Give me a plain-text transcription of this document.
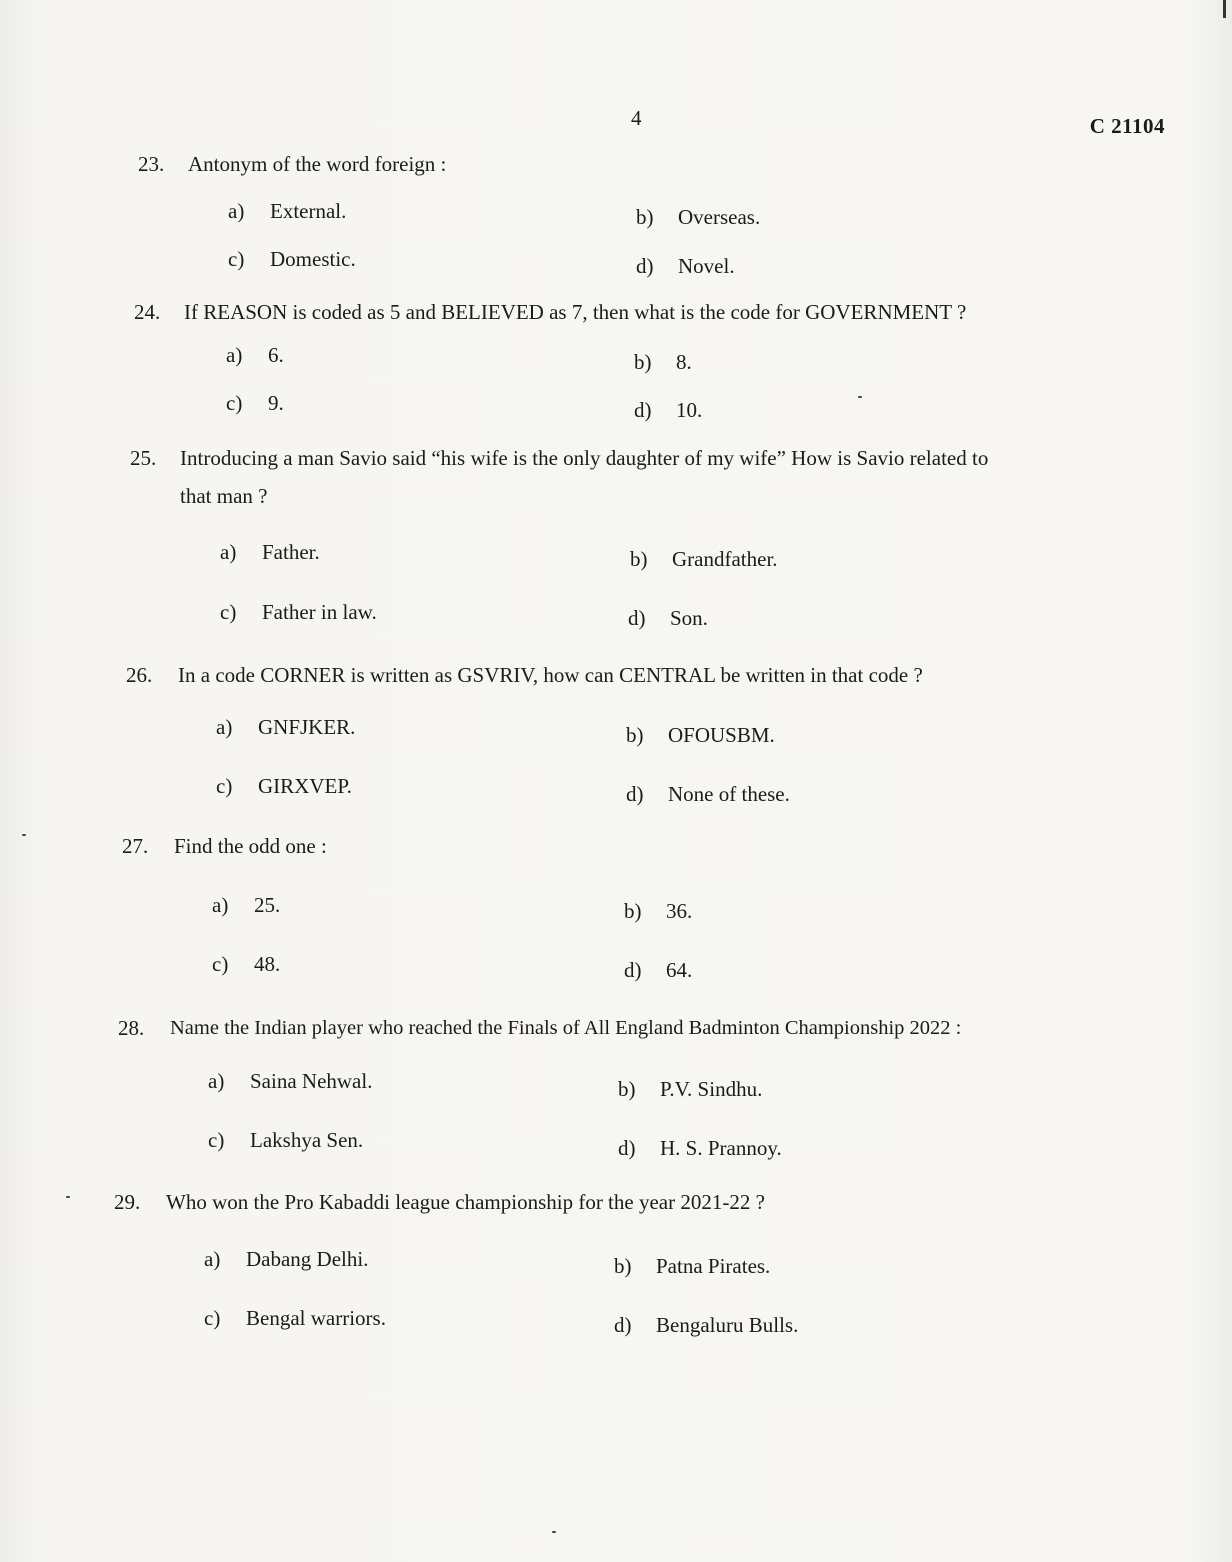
4	C 21104
23.	Antonym of the word foreign :
a) External.	b) Overseas.
c) Domestic.	d) Novel.
24.	If REASON is coded as 5 and BELIEVED as 7, then what is the code for GOVERNMENT ?
a) 6.	b) 8.
c) 9.	d) 10.
25.	Introducing a man Savio said “his wife is the only daughter of my wife” How is Savio related to
that man ?
a) Father.	b) Grandfather.
c) Father in law.	d) Son.
26.	In a code CORNER is written as GSVRIV, how can CENTRAL be written in that code ?
a) GNFJKER.	b) OFOUSBM.
c) GIRXVEP.	d) None of these.
27.	Find the odd one :
a) 25.	b) 36.
c) 48.	d) 64.
28.	Name the Indian player who reached the Finals of All England Badminton Championship 2022 :
a) Saina Nehwal.	b) P.V. Sindhu.
c) Lakshya Sen.	d) H. S. Prannoy.
29.	Who won the Pro Kabaddi league championship for the year 2021-22 ?
a) Dabang Delhi.	b) Patna Pirates.
c) Bengal warriors.	d) Bengaluru Bulls.
